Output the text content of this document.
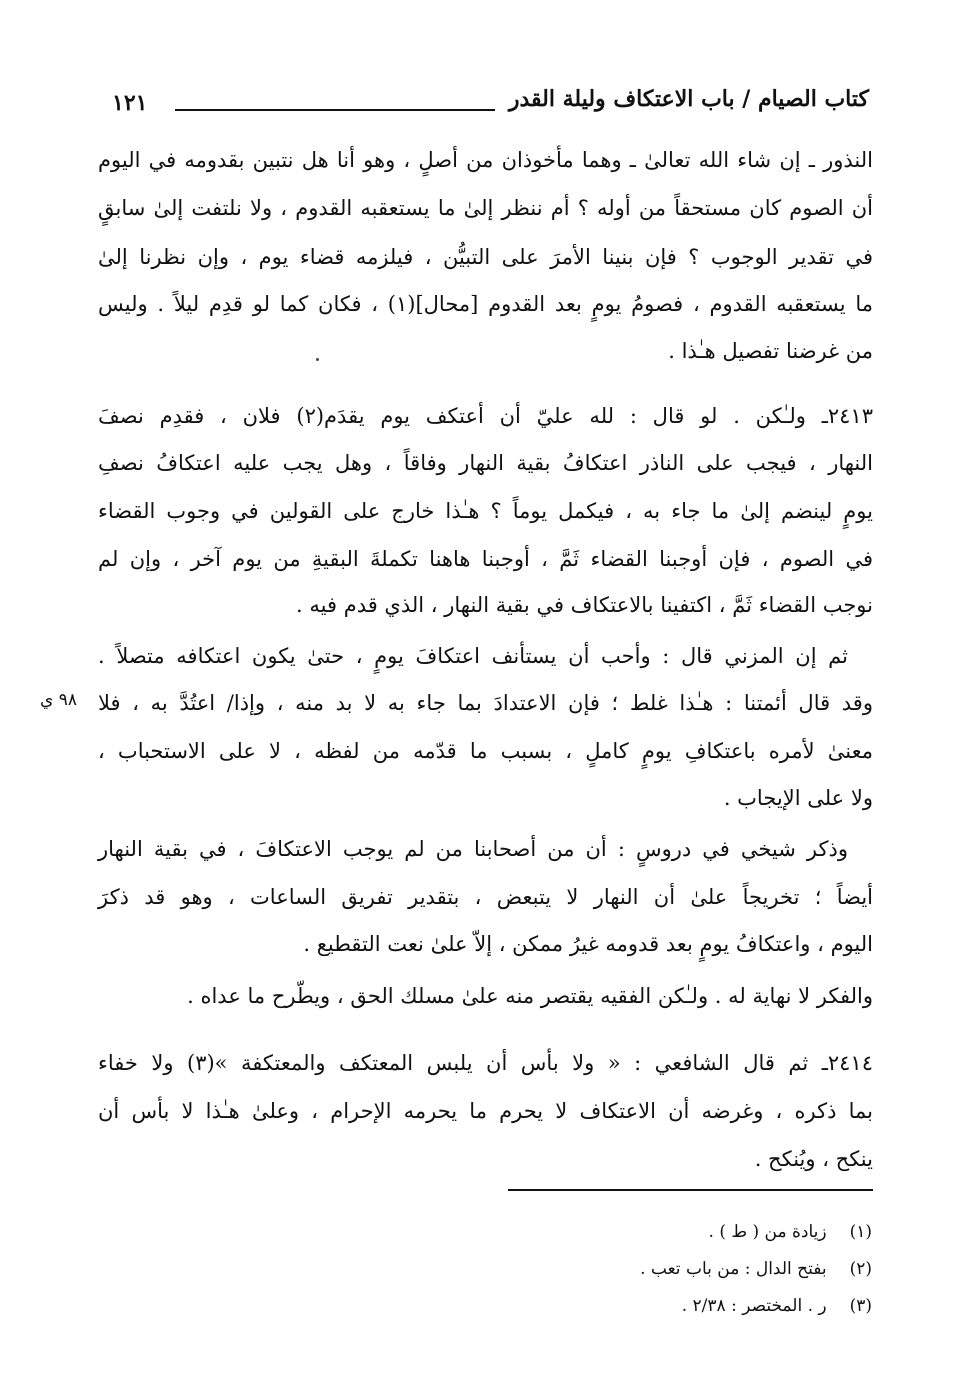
كتاب الصيام / باب الاعتكاف وليلة القدر
١٢١
النذور ـ إن شاء الله تعالىٰ ـ وهما مأخوذان من أصلٍ ، وهو أنا هل نتبين بقدومه في اليوم
أن الصوم كان مستحقاً من أوله ؟ أم ننظر إلىٰ ما يستعقبه القدوم ، ولا نلتفت إلىٰ سابقٍ
في تقدير الوجوب ؟ فإن بنينا الأمرَ على التبيُّن ، فيلزمه قضاء يوم ، وإن نظرنا إلىٰ
ما يستعقبه القدوم ، فصومُ يومٍ بعد القدوم [محال](١) ، فكان كما لو قدِم ليلاً . وليس
من غرضنا تفصيل هـٰذا .
٢٤١٣ـ ولـٰكن . لو قال : لله عليّ أن أعتكف يوم يقدَم(٢) فلان ، فقدِم نصفَ
النهار ، فيجب على الناذر اعتكافُ بقية النهار وفاقاً ، وهل يجب عليه اعتكافُ نصفِ
يومٍ لينضم إلىٰ ما جاء به ، فيكمل يوماً ؟ هـٰذا خارج على القولين في وجوب القضاء
في الصوم ، فإن أوجبنا القضاء ثَمَّ ، أوجبنا هاهنا تكملةَ البقيةِ من يوم آخر ، وإن لم
نوجب القضاء ثَمَّ ، اكتفينا بالاعتكاف في بقية النهار ، الذي قدم فيه .
ثم إن المزني قال : وأحب أن يستأنف اعتكافَ يومٍ ، حتىٰ يكون اعتكافه متصلاً .
وقد قال أئمتنا : هـٰذا غلط ؛ فإن الاعتدادَ بما جاء به لا بد منه ، وإذا/ اعتُدَّ به ، فلا
٩٨ ي
معنىٰ لأمره باعتكافِ يومٍ كاملٍ ، بسبب ما قدّمه من لفظه ، لا على الاستحباب ،
ولا على الإيجاب .
وذكر شيخي في دروسٍ : أن من أصحابنا من لم يوجب الاعتكافَ ، في بقية النهار
أيضاً ؛ تخريجاً علىٰ أن النهار لا يتبعض ، بتقدير تفريق الساعات ، وهو قد ذكرَ
اليوم ، واعتكافُ يومٍ بعد قدومه غيرُ ممكن ، إلاّ علىٰ نعت التقطيع .
والفكر لا نهاية له . ولـٰكن الفقيه يقتصر منه علىٰ مسلك الحق ، ويطّرح ما عداه .
٢٤١٤ـ ثم قال الشافعي : « ولا بأس أن يلبس المعتكف والمعتكفة »(٣) ولا خفاء
بما ذكره ، وغرضه أن الاعتكاف لا يحرم ما يحرمه الإحرام ، وعلىٰ هـٰذا لا بأس أن
ينكح ، ويُنكح .
(١) زيادة من ( ط ) .
(٢) بفتح الدال : من باب تعب .
(٣) ر . المختصر : ٢/٣٨ .
